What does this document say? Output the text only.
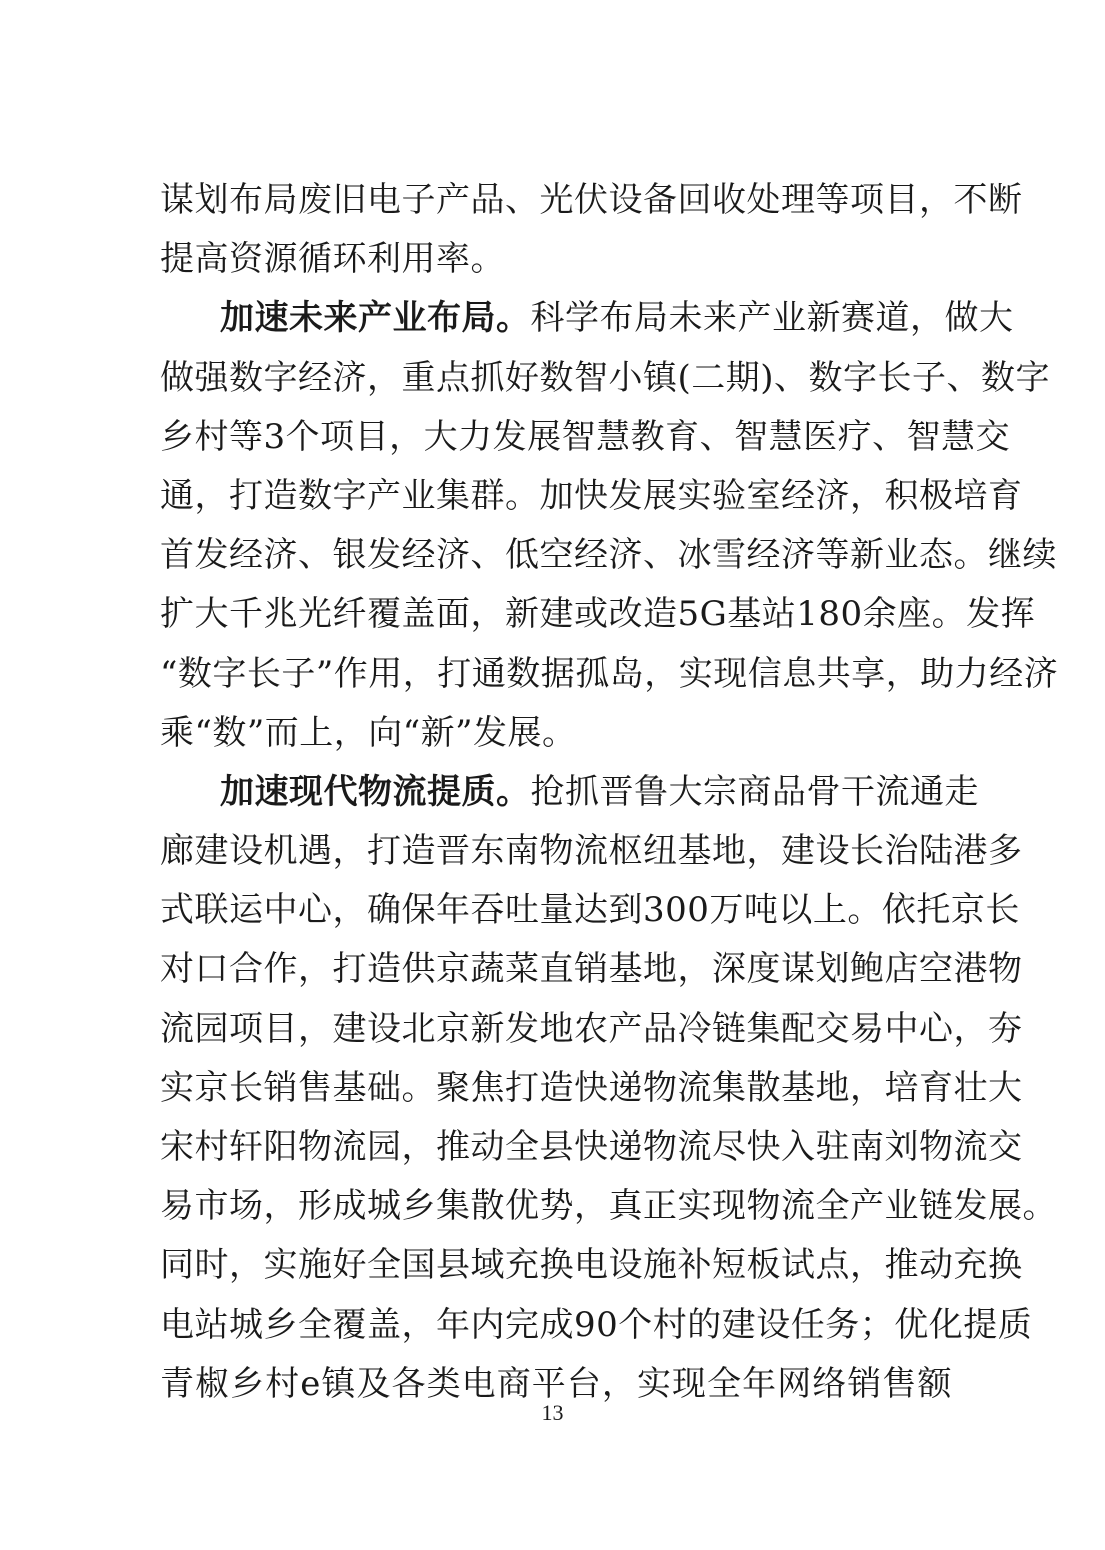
谋划布局废旧电子产品、光伏设备回收处理等项目，不断
提高资源循环利用率。
加速未来产业布局。科学布局未来产业新赛道，做大
做强数字经济，重点抓好数智小镇(二期)、数字长子、数字
乡村等3个项目，大力发展智慧教育、智慧医疗、智慧交
通，打造数字产业集群。加快发展实验室经济，积极培育
首发经济、银发经济、低空经济、冰雪经济等新业态。继续
扩大千兆光纤覆盖面，新建或改造5G基站180余座。发挥
“数字长子”作用，打通数据孤岛，实现信息共享，助力经济
乘“数”而上，向“新”发展。
加速现代物流提质。抢抓晋鲁大宗商品骨干流通走
廊建设机遇，打造晋东南物流枢纽基地，建设长治陆港多
式联运中心，确保年吞吐量达到300万吨以上。依托京长
对口合作，打造供京蔬菜直销基地，深度谋划鲍店空港物
流园项目，建设北京新发地农产品冷链集配交易中心，夯
实京长销售基础。聚焦打造快递物流集散基地，培育壮大
宋村轩阳物流园，推动全县快递物流尽快入驻南刘物流交
易市场，形成城乡集散优势，真正实现物流全产业链发展。
同时，实施好全国县域充换电设施补短板试点，推动充换
电站城乡全覆盖，年内完成90个村的建设任务；优化提质
青椒乡村e镇及各类电商平台，实现全年网络销售额
13
